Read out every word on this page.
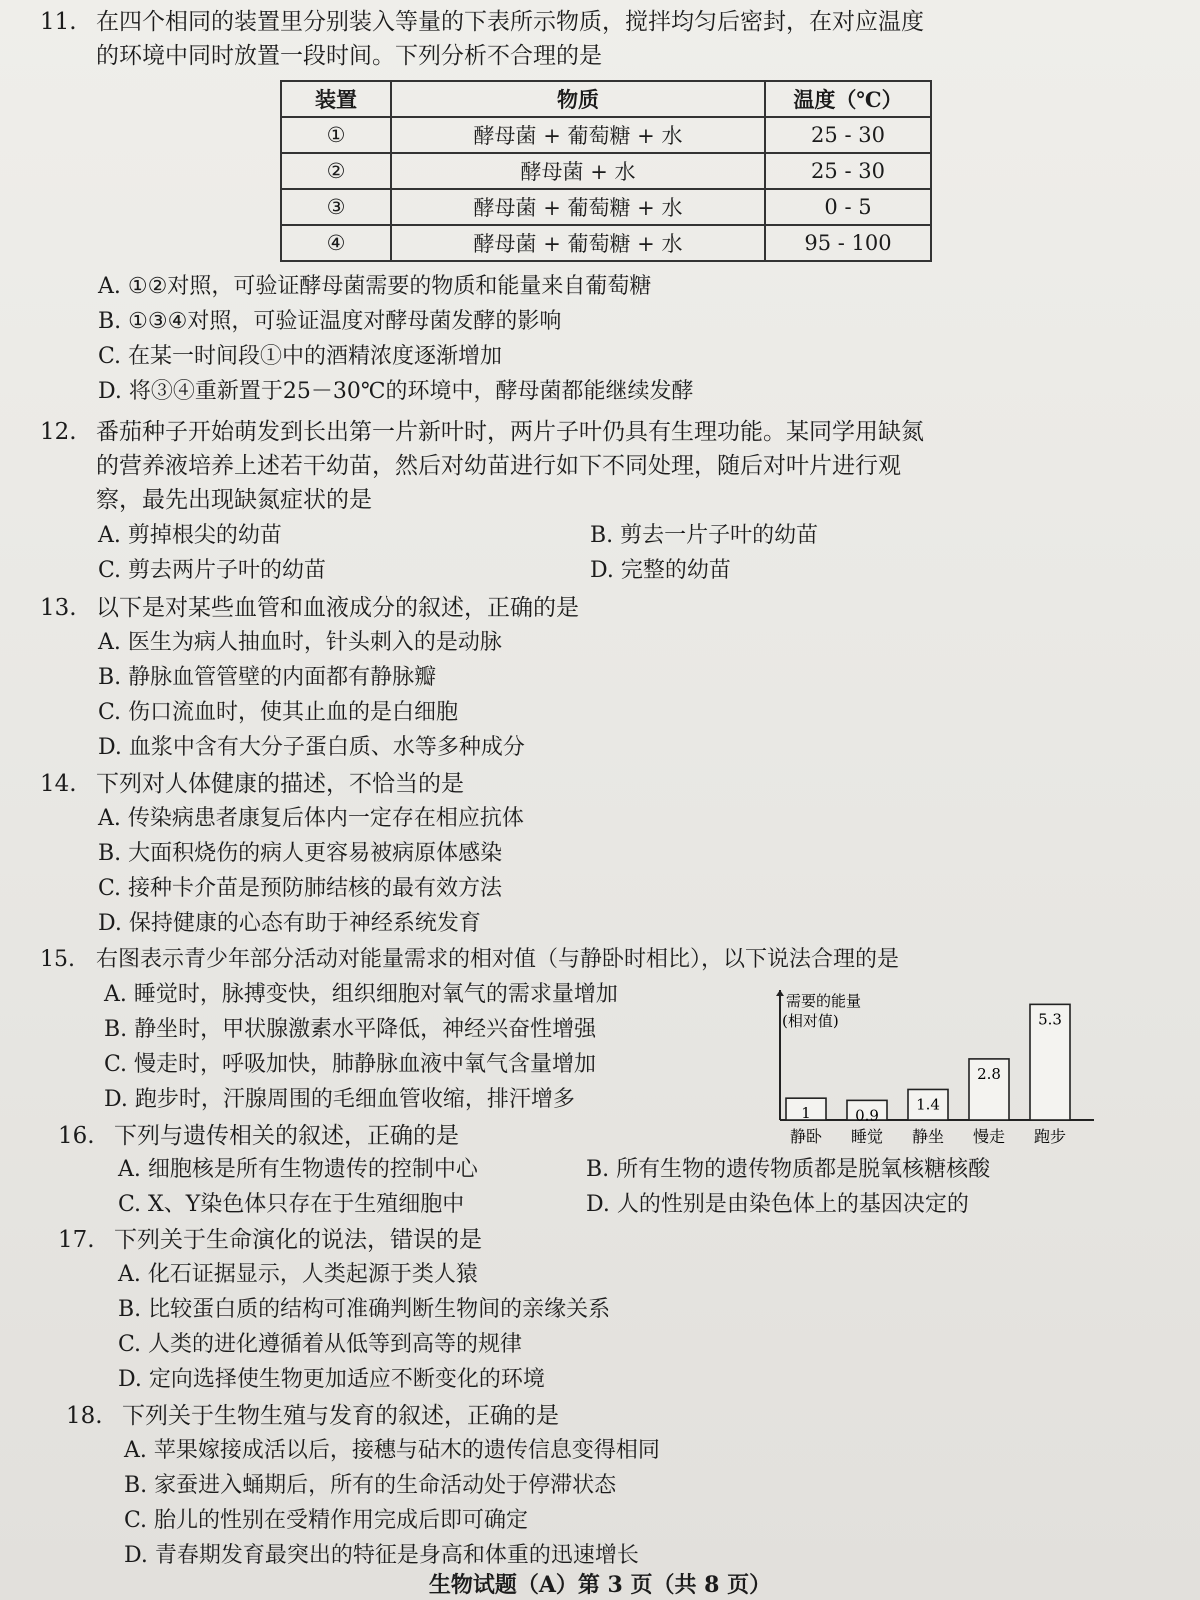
11. 在四个相同的装置里分别装入等量的下表所示物质，搅拌均匀后密封，在对应温度
的环境中同时放置一段时间。下列分析不合理的是
装置	物质	温度（℃）
①	酵母菌 + 葡萄糖 + 水	25 - 30
②	酵母菌 + 水	25 - 30
③	酵母菌 + 葡萄糖 + 水	0 - 5
④	酵母菌 + 葡萄糖 + 水	95 - 100
A. ①②对照，可验证酵母菌需要的物质和能量来自葡萄糖
B. ①③④对照，可验证温度对酵母菌发酵的影响
C. 在某一时间段①中的酒精浓度逐渐增加
D. 将③④重新置于25－30℃的环境中，酵母菌都能继续发酵
12. 番茄种子开始萌发到长出第一片新叶时，两片子叶仍具有生理功能。某同学用缺氮
的营养液培养上述若干幼苗，然后对幼苗进行如下不同处理，随后对叶片进行观
察，最先出现缺氮症状的是
A. 剪掉根尖的幼苗	B. 剪去一片子叶的幼苗
C. 剪去两片子叶的幼苗	D. 完整的幼苗
13. 以下是对某些血管和血液成分的叙述，正确的是
A. 医生为病人抽血时，针头刺入的是动脉
B. 静脉血管管壁的内面都有静脉瓣
C. 伤口流血时，使其止血的是白细胞
D. 血浆中含有大分子蛋白质、水等多种成分
14. 下列对人体健康的描述，不恰当的是
A. 传染病患者康复后体内一定存在相应抗体
B. 大面积烧伤的病人更容易被病原体感染
C. 接种卡介苗是预防肺结核的最有效方法
D. 保持健康的心态有助于神经系统发育
15. 右图表示青少年部分活动对能量需求的相对值（与静卧时相比），以下说法合理的是
A. 睡觉时，脉搏变快，组织细胞对氧气的需求量增加
B. 静坐时，甲状腺激素水平降低，神经兴奋性增强
C. 慢走时，呼吸加快，肺静脉血液中氧气含量增加
D. 跑步时，汗腺周围的毛细血管收缩，排汗增多
需要的能量
(相对值)
1
静卧
0.9
睡觉
1.4
静坐
2.8
慢走
5.3
跑步
16. 下列与遗传相关的叙述，正确的是
A. 细胞核是所有生物遗传的控制中心	B. 所有生物的遗传物质都是脱氧核糖核酸
C. X、Y染色体只存在于生殖细胞中	D. 人的性别是由染色体上的基因决定的
17. 下列关于生命演化的说法，错误的是
A. 化石证据显示，人类起源于类人猿
B. 比较蛋白质的结构可准确判断生物间的亲缘关系
C. 人类的进化遵循着从低等到高等的规律
D. 定向选择使生物更加适应不断变化的环境
18. 下列关于生物生殖与发育的叙述，正确的是
A. 苹果嫁接成活以后，接穗与砧木的遗传信息变得相同
B. 家蚕进入蛹期后，所有的生命活动处于停滞状态
C. 胎儿的性别在受精作用完成后即可确定
D. 青春期发育最突出的特征是身高和体重的迅速增长
生物试题（A）第 3 页（共 8 页）
